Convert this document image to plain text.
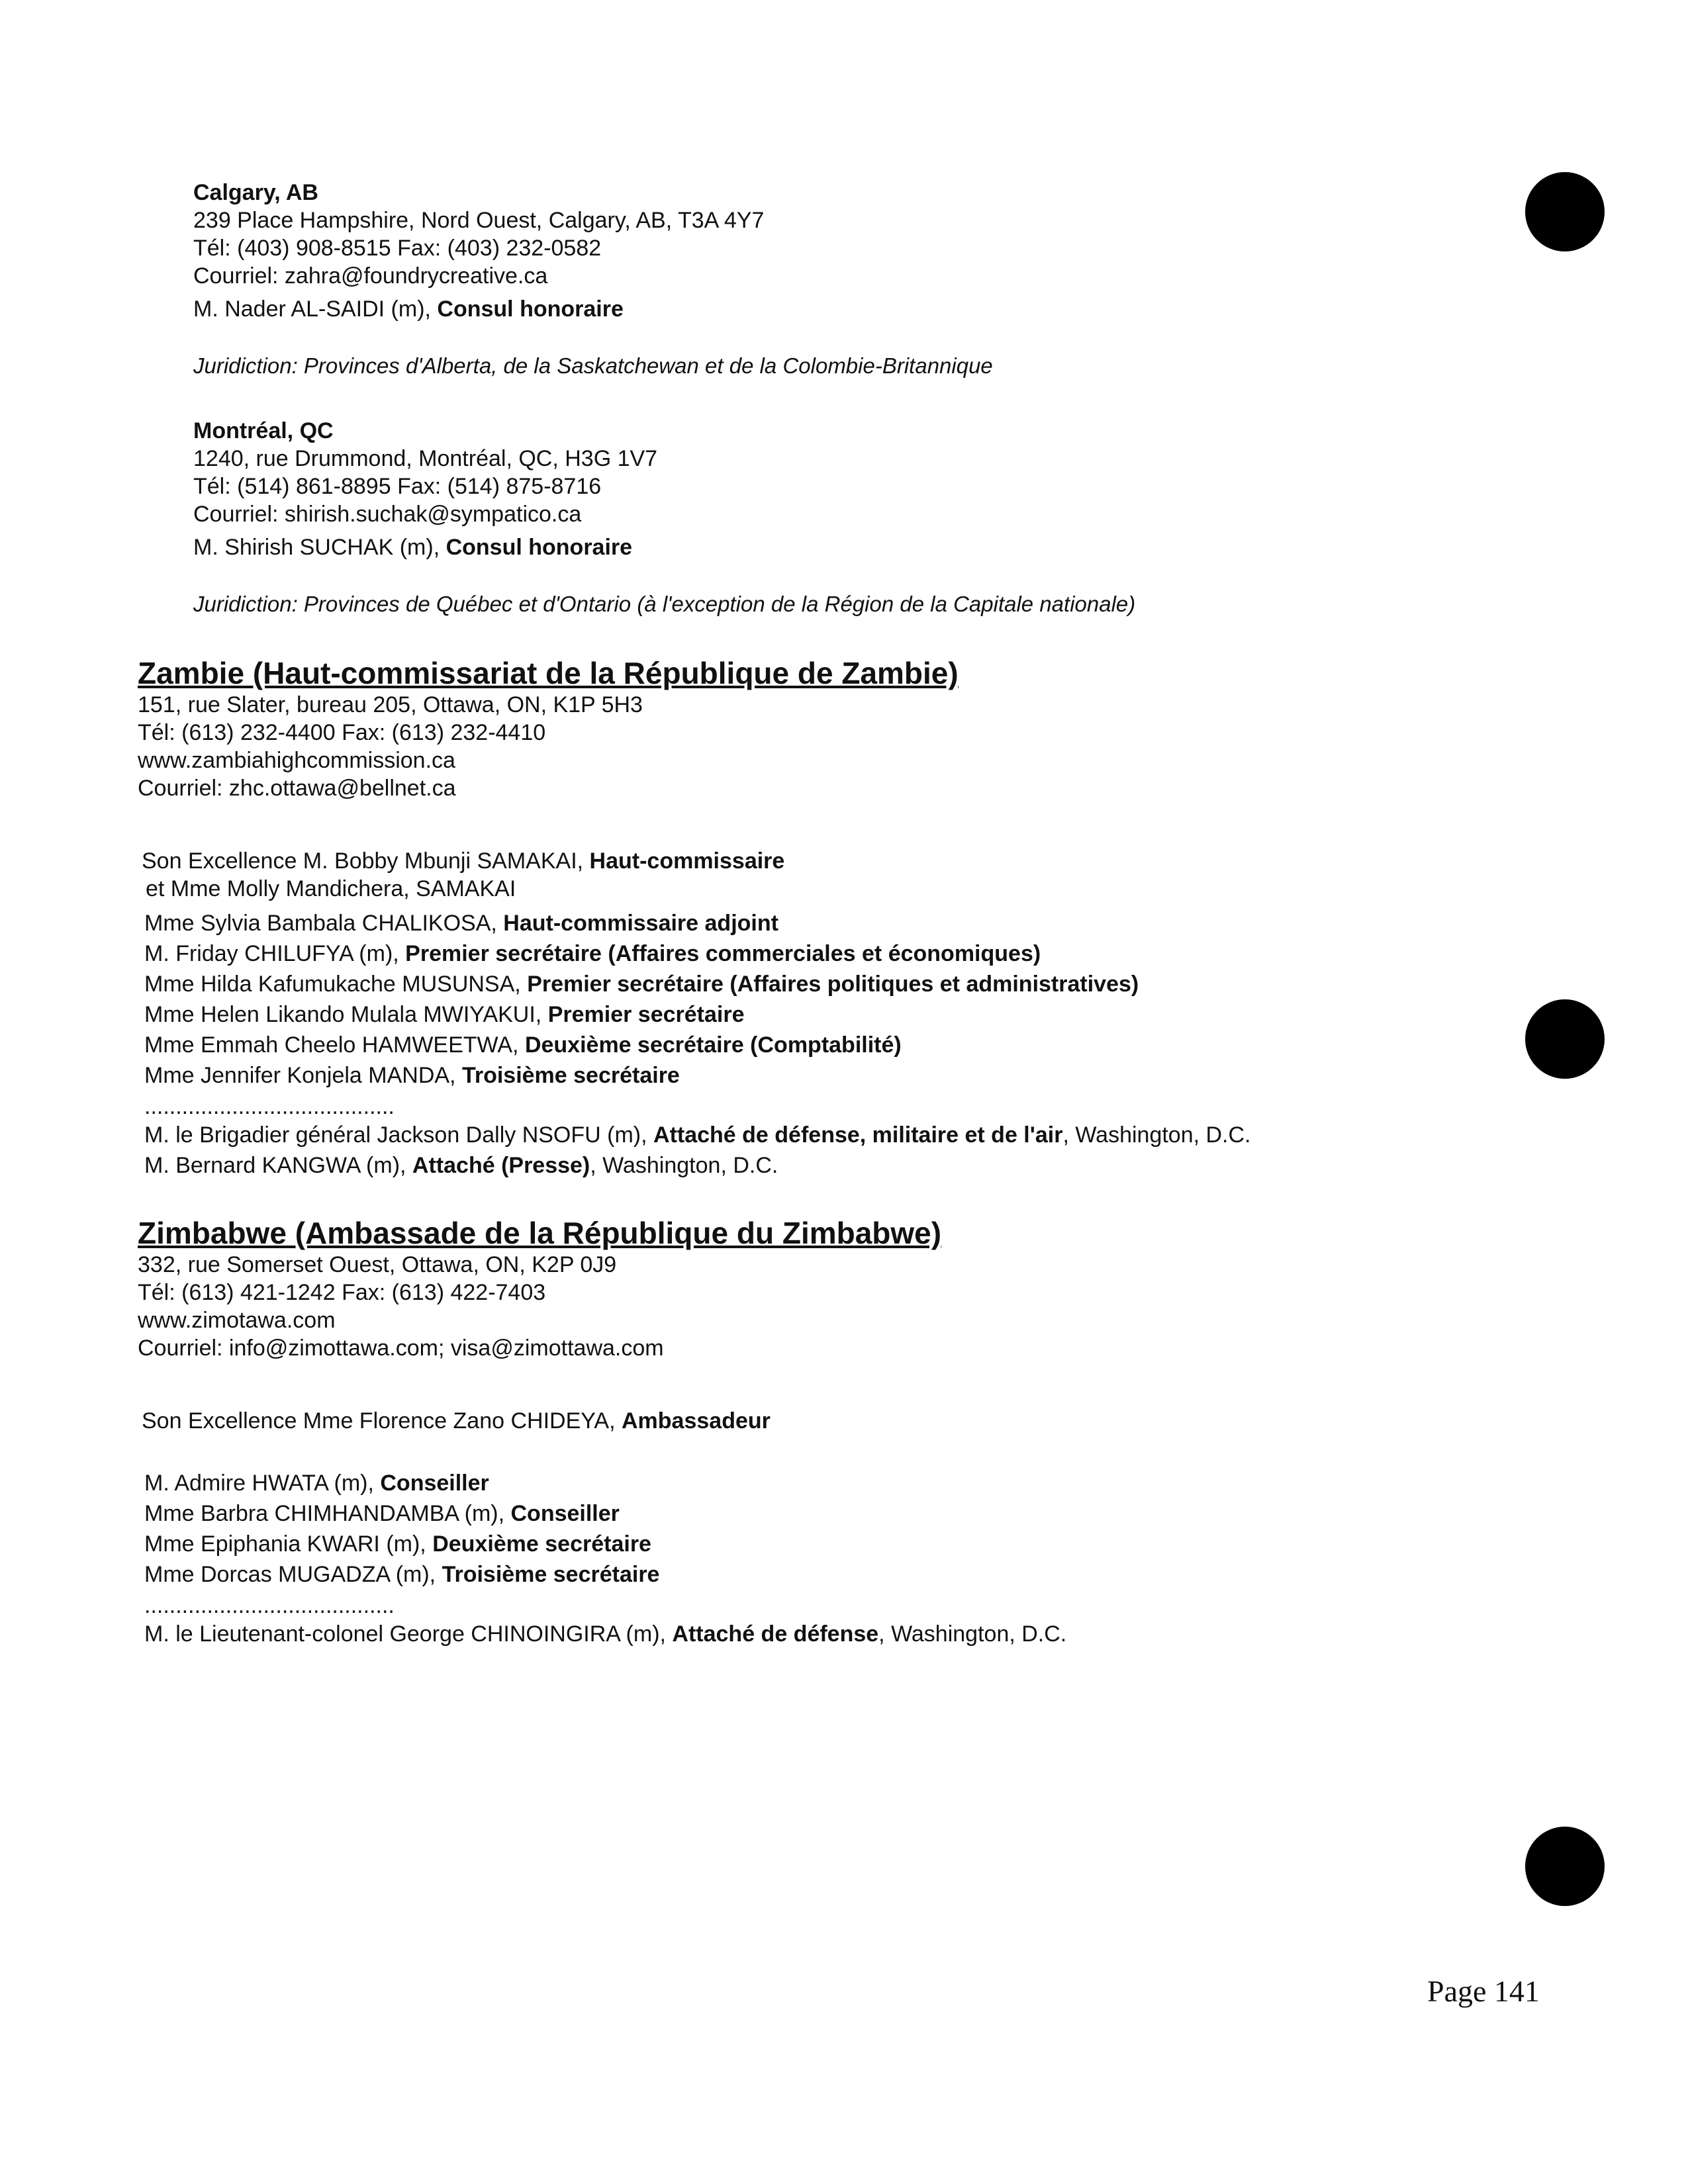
Calgary, AB
239 Place Hampshire, Nord Ouest, Calgary, AB, T3A 4Y7
Tél: (403) 908-8515 Fax: (403) 232-0582
Courriel: zahra@foundrycreative.ca
M. Nader AL-SAIDI (m), Consul honoraire
Juridiction: Provinces d'Alberta, de la Saskatchewan et de la Colombie-Britannique
Montréal, QC
1240, rue Drummond, Montréal, QC, H3G 1V7
Tél: (514) 861-8895 Fax: (514) 875-8716
Courriel: shirish.suchak@sympatico.ca
M. Shirish SUCHAK (m), Consul honoraire
Juridiction: Provinces de Québec et d'Ontario (à l'exception de la Région de la Capitale nationale)
Zambie (Haut-commissariat de la République de Zambie)
151, rue Slater, bureau 205, Ottawa, ON, K1P 5H3
Tél: (613) 232-4400 Fax: (613) 232-4410
www.zambiahighcommission.ca
Courriel: zhc.ottawa@bellnet.ca
Son Excellence M. Bobby Mbunji SAMAKAI, Haut-commissaire
et Mme Molly Mandichera, SAMAKAI
Mme Sylvia Bambala CHALIKOSA, Haut-commissaire adjoint
M. Friday CHILUFYA (m), Premier secrétaire (Affaires commerciales et économiques)
Mme Hilda Kafumukache MUSUNSA, Premier secrétaire (Affaires politiques et administratives)
Mme Helen Likando Mulala MWIYAKUI, Premier secrétaire
Mme Emmah Cheelo HAMWEETWA, Deuxième secrétaire (Comptabilité)
Mme Jennifer Konjela MANDA, Troisième secrétaire
........................................
M. le Brigadier général Jackson Dally NSOFU (m), Attaché de défense, militaire et de l'air, Washington, D.C.
M. Bernard KANGWA (m), Attaché (Presse), Washington, D.C.
Zimbabwe (Ambassade de la République du Zimbabwe)
332, rue Somerset Ouest, Ottawa, ON, K2P 0J9
Tél: (613) 421-1242 Fax: (613) 422-7403
www.zimotawa.com
Courriel: info@zimottawa.com; visa@zimottawa.com
Son Excellence Mme Florence Zano CHIDEYA, Ambassadeur
M. Admire HWATA (m), Conseiller
Mme Barbra CHIMHANDAMBA (m), Conseiller
Mme Epiphania KWARI (m), Deuxième secrétaire
Mme Dorcas MUGADZA (m), Troisième secrétaire
........................................
M. le Lieutenant-colonel George CHINOINGIRA (m), Attaché de défense, Washington, D.C.
Page 141
